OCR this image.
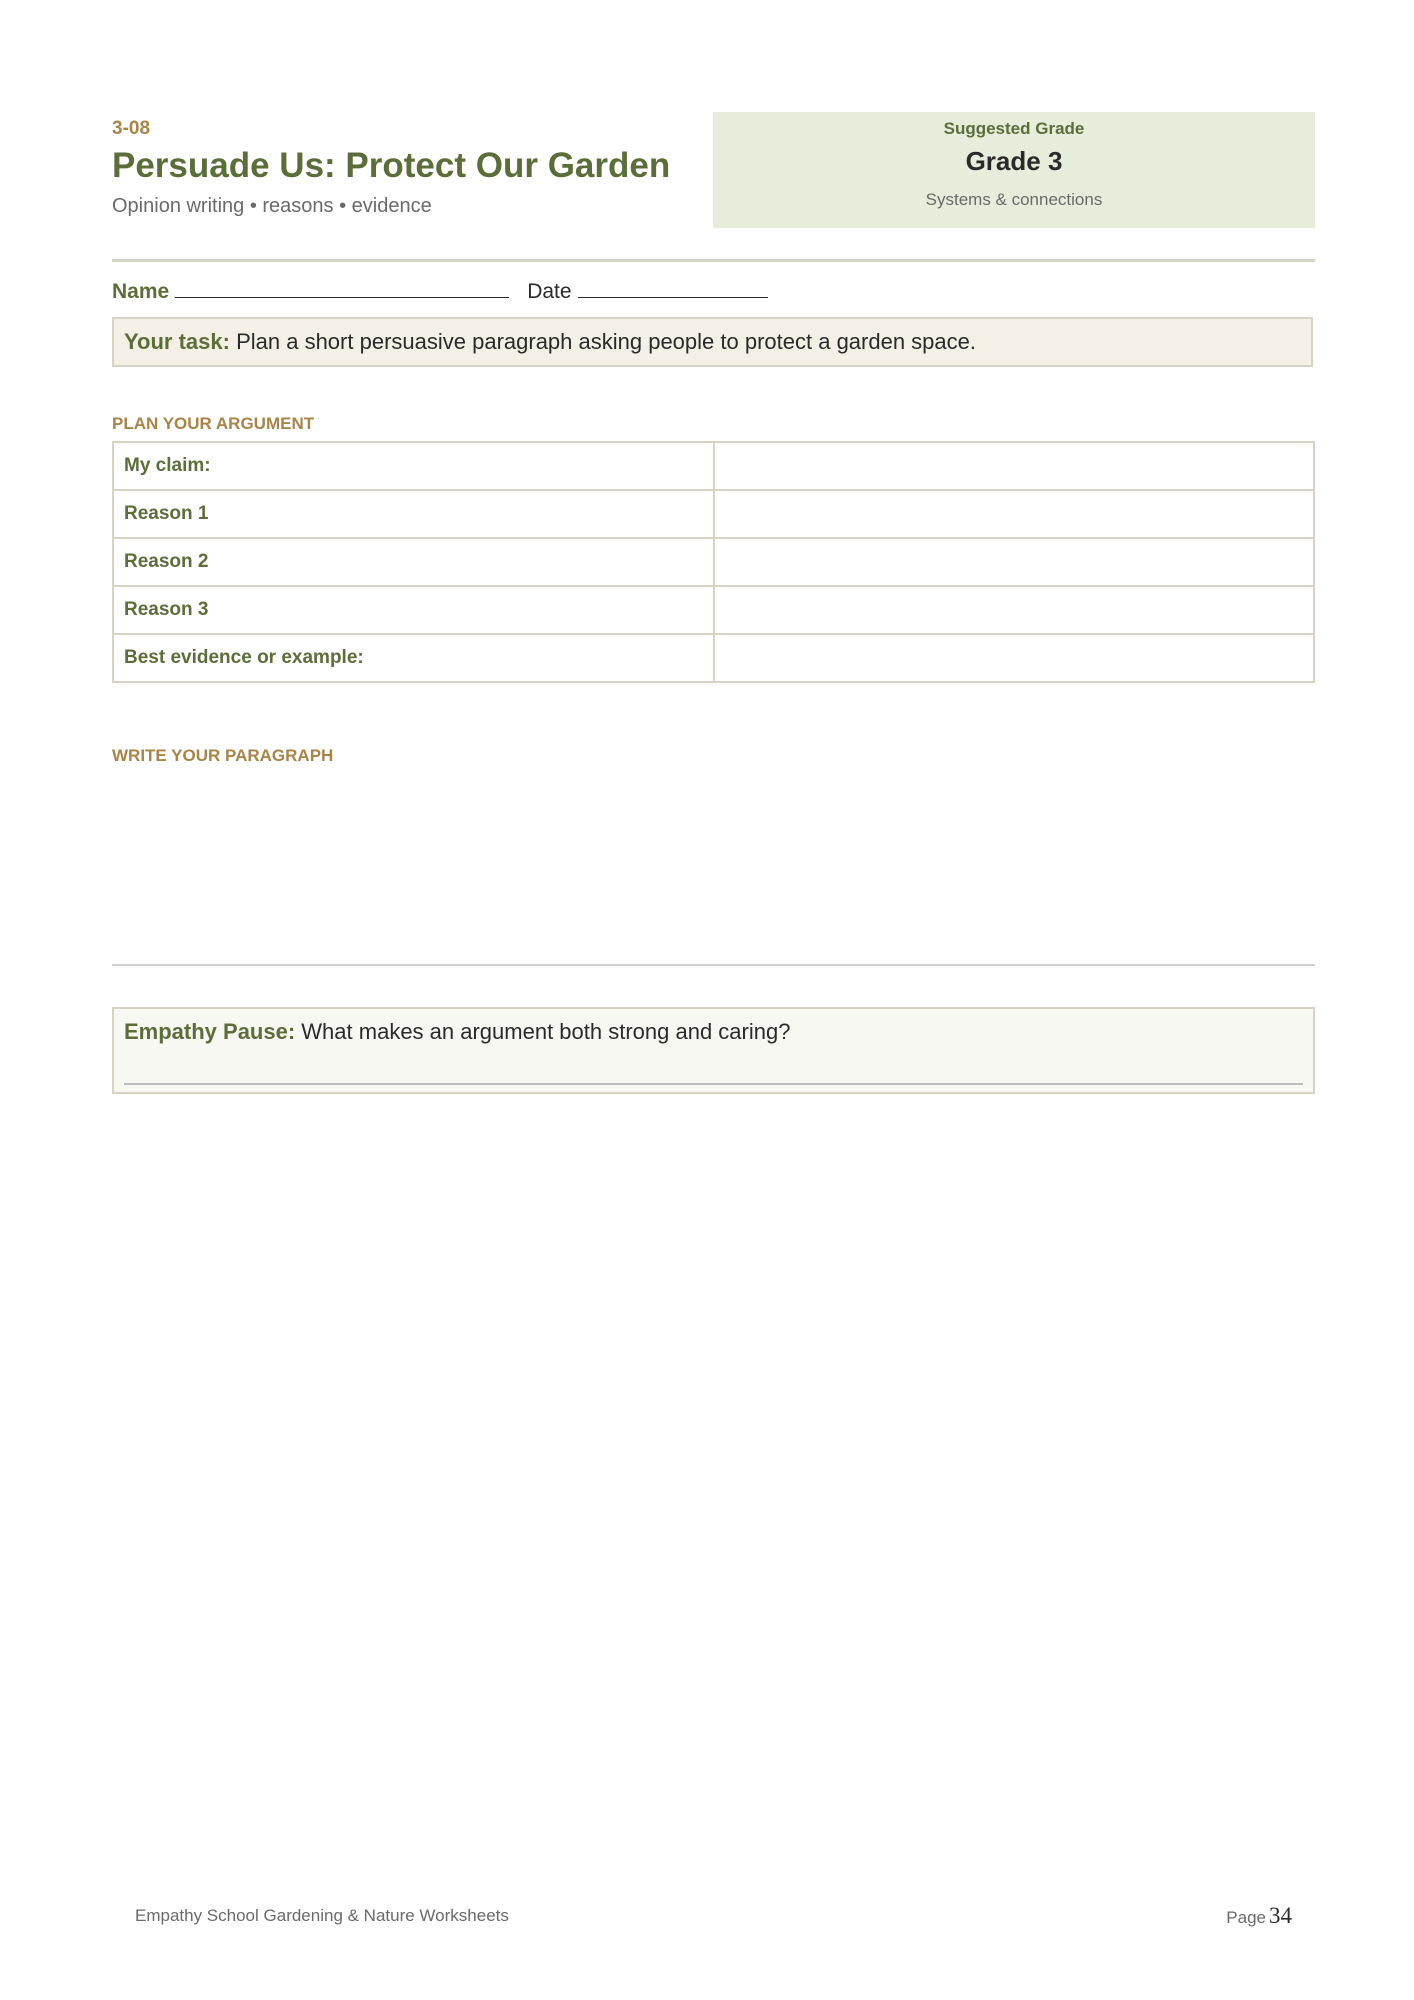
3-08
Persuade Us: Protect Our Garden
Opinion writing • reasons • evidence
Suggested Grade
Grade 3
Systems & connections
Name	Date
Your task: Plan a short persuasive paragraph asking people to protect a garden space.
PLAN YOUR ARGUMENT
My claim:	
Reason 1	
Reason 2	
Reason 3	
Best evidence or example:	
WRITE YOUR PARAGRAPH
Empathy Pause: What makes an argument both strong and caring?
Empathy School Gardening & Nature Worksheets	Page 34
